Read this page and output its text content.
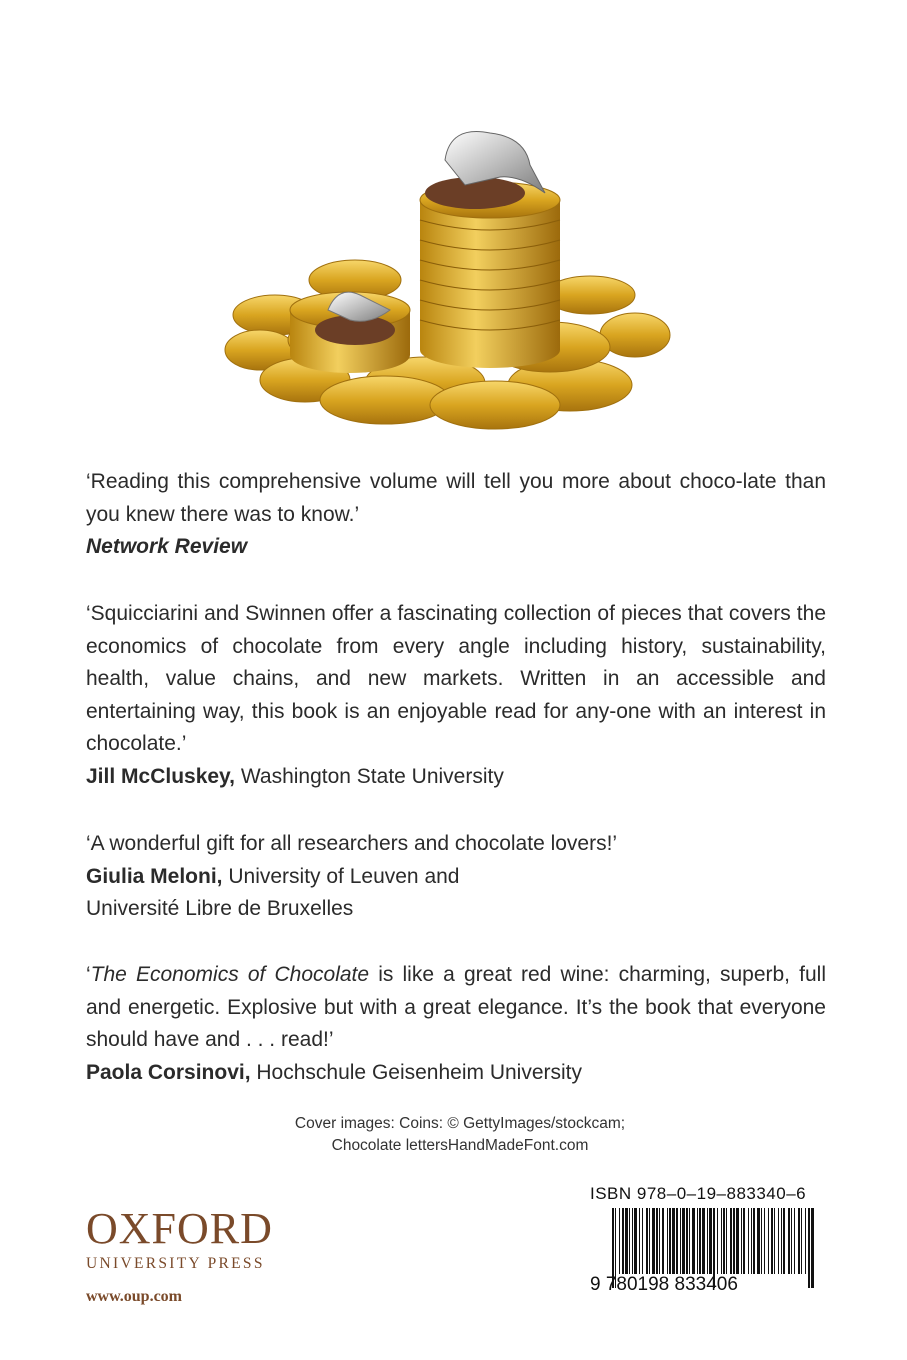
‘Reading this comprehensive volume will tell you more about choco-late than you knew there was to know.’

Network Review

‘Squicciarini and Swinnen offer a fascinating collection of pieces that covers the economics of chocolate from every angle including history, sustainability, health, value chains, and new markets. Written in an accessible and entertaining way, this book is an enjoyable read for any-one with an interest in chocolate.’

Jill McCluskey, Washington State University

‘A wonderful gift for all researchers and chocolate lovers!’

Giulia Meloni, University of Leuven and

Université Libre de Bruxelles

‘The Economics of Chocolate is like a great red wine: charming, superb, full and energetic. Explosive but with a great elegance. It’s the book that everyone should have and . . . read!’

Paola Corsinovi, Hochschule Geisenheim University

Cover images: Coins: © GettyImages/stockcam;
Chocolate lettersHandMadeFont.com
OXFORD
UNIVERSITY PRESS
www.oup.com
ISBN 978–0–19–883340–6
9 780198 833406
